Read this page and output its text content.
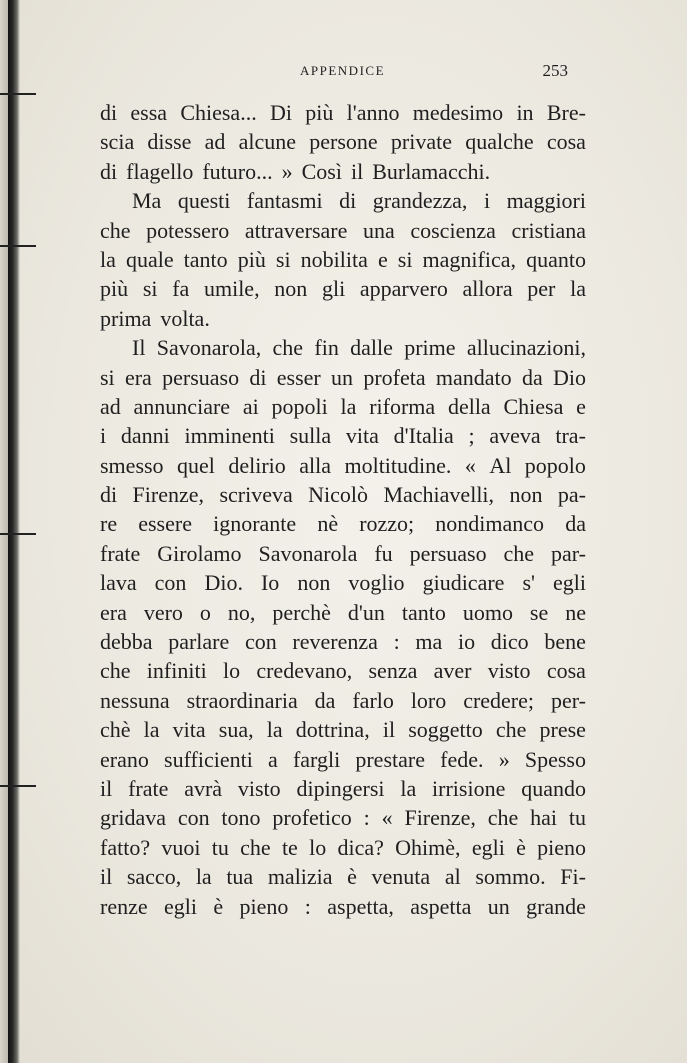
APPENDICE	253
di essa Chiesa... Di più l'anno medesimo in Bre-
scia disse ad alcune persone private qualche cosa
di flagello futuro... » Così il Burlamacchi.
Ma questi fantasmi di grandezza, i maggiori
che potessero attraversare una coscienza cristiana
la quale tanto più si nobilita e si magnifica, quanto
più si fa umile, non gli apparvero allora per la
prima volta.
Il Savonarola, che fin dalle prime allucinazioni,
si era persuaso di esser un profeta mandato da Dio
ad annunciare ai popoli la riforma della Chiesa e
i danni imminenti sulla vita d'Italia ; aveva tra-
smesso quel delirio alla moltitudine. « Al popolo
di Firenze, scriveva Nicolò Machiavelli, non pa-
re essere ignorante nè rozzo; nondimanco da
frate Girolamo Savonarola fu persuaso che par-
lava con Dio. Io non voglio giudicare s' egli
era vero o no, perchè d'un tanto uomo se ne
debba parlare con reverenza : ma io dico bene
che infiniti lo credevano, senza aver visto cosa
nessuna straordinaria da farlo loro credere; per-
chè la vita sua, la dottrina, il soggetto che prese
erano sufficienti a fargli prestare fede. » Spesso
il frate avrà visto dipingersi la irrisione quando
gridava con tono profetico : « Firenze, che hai tu
fatto? vuoi tu che te lo dica? Ohimè, egli è pieno
il sacco, la tua malizia è venuta al sommo. Fi-
renze egli è pieno : aspetta, aspetta un grande
